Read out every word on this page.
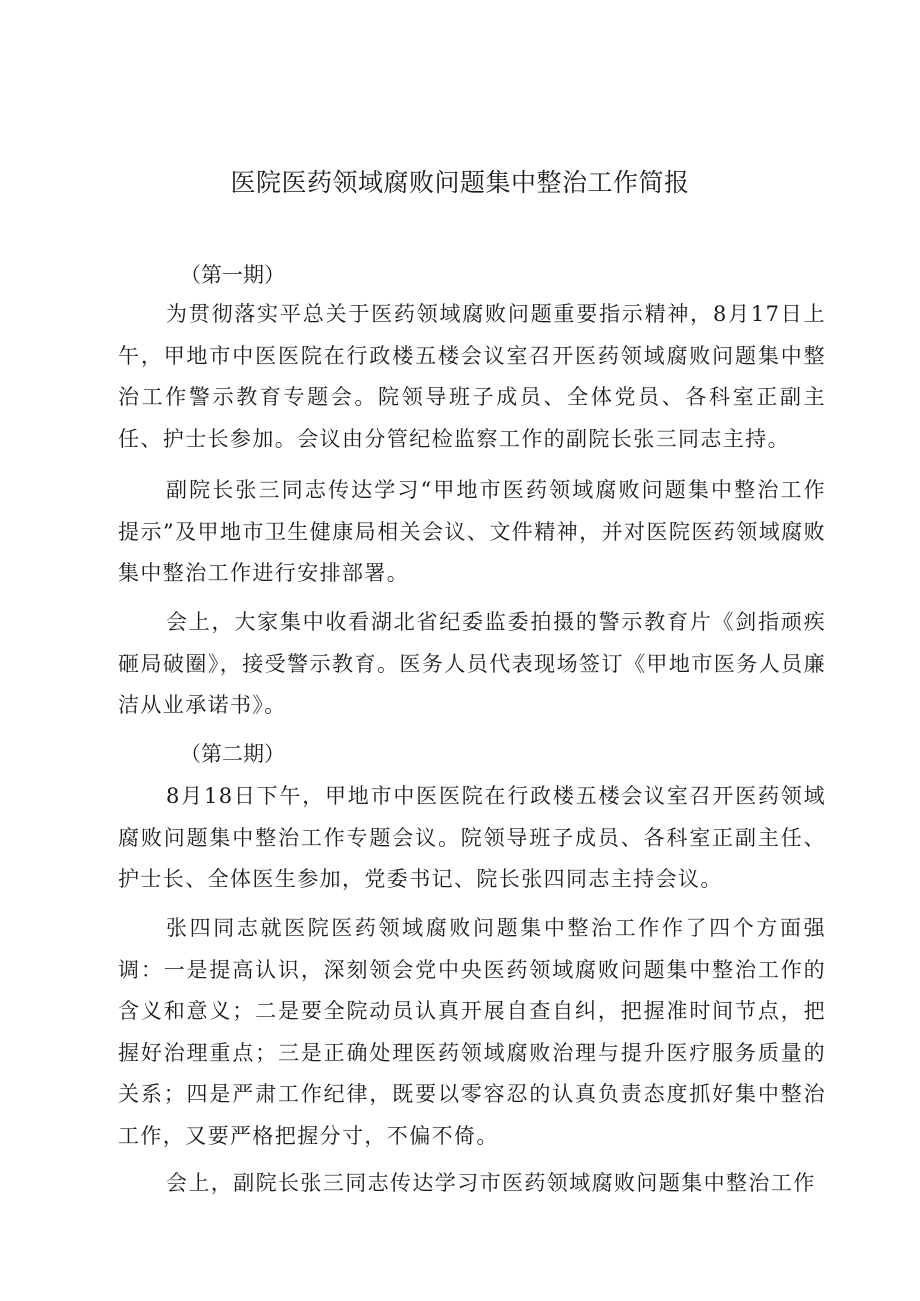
医院医药领域腐败问题集中整治工作简报

（第一期）

为贯彻落实平总关于医药领域腐败问题重要指示精神，8月17日上午，甲地市中医医院在行政楼五楼会议室召开医药领域腐败问题集中整治工作警示教育专题会。院领导班子成员、全体党员、各科室正副主任、护士长参加。会议由分管纪检监察工作的副院长张三同志主持。

副院长张三同志传达学习“甲地市医药领域腐败问题集中整治工作提示”及甲地市卫生健康局相关会议、文件精神，并对医院医药领域腐败集中整治工作进行安排部署。

会上，大家集中收看湖北省纪委监委拍摄的警示教育片《剑指顽疾砸局破圈》，接受警示教育。医务人员代表现场签订《甲地市医务人员廉洁从业承诺书》。

（第二期）

8月18日下午，甲地市中医医院在行政楼五楼会议室召开医药领域腐败问题集中整治工作专题会议。院领导班子成员、各科室正副主任、护士长、全体医生参加，党委书记、院长张四同志主持会议。

张四同志就医院医药领域腐败问题集中整治工作作了四个方面强调：一是提高认识，深刻领会党中央医药领域腐败问题集中整治工作的含义和意义；二是要全院动员认真开展自查自纠，把握准时间节点，把握好治理重点；三是正确处理医药领域腐败治理与提升医疗服务质量的关系；四是严肃工作纪律，既要以零容忍的认真负责态度抓好集中整治工作，又要严格把握分寸，不偏不倚。

会上，副院长张三同志传达学习市医药领域腐败问题集中整治工作
